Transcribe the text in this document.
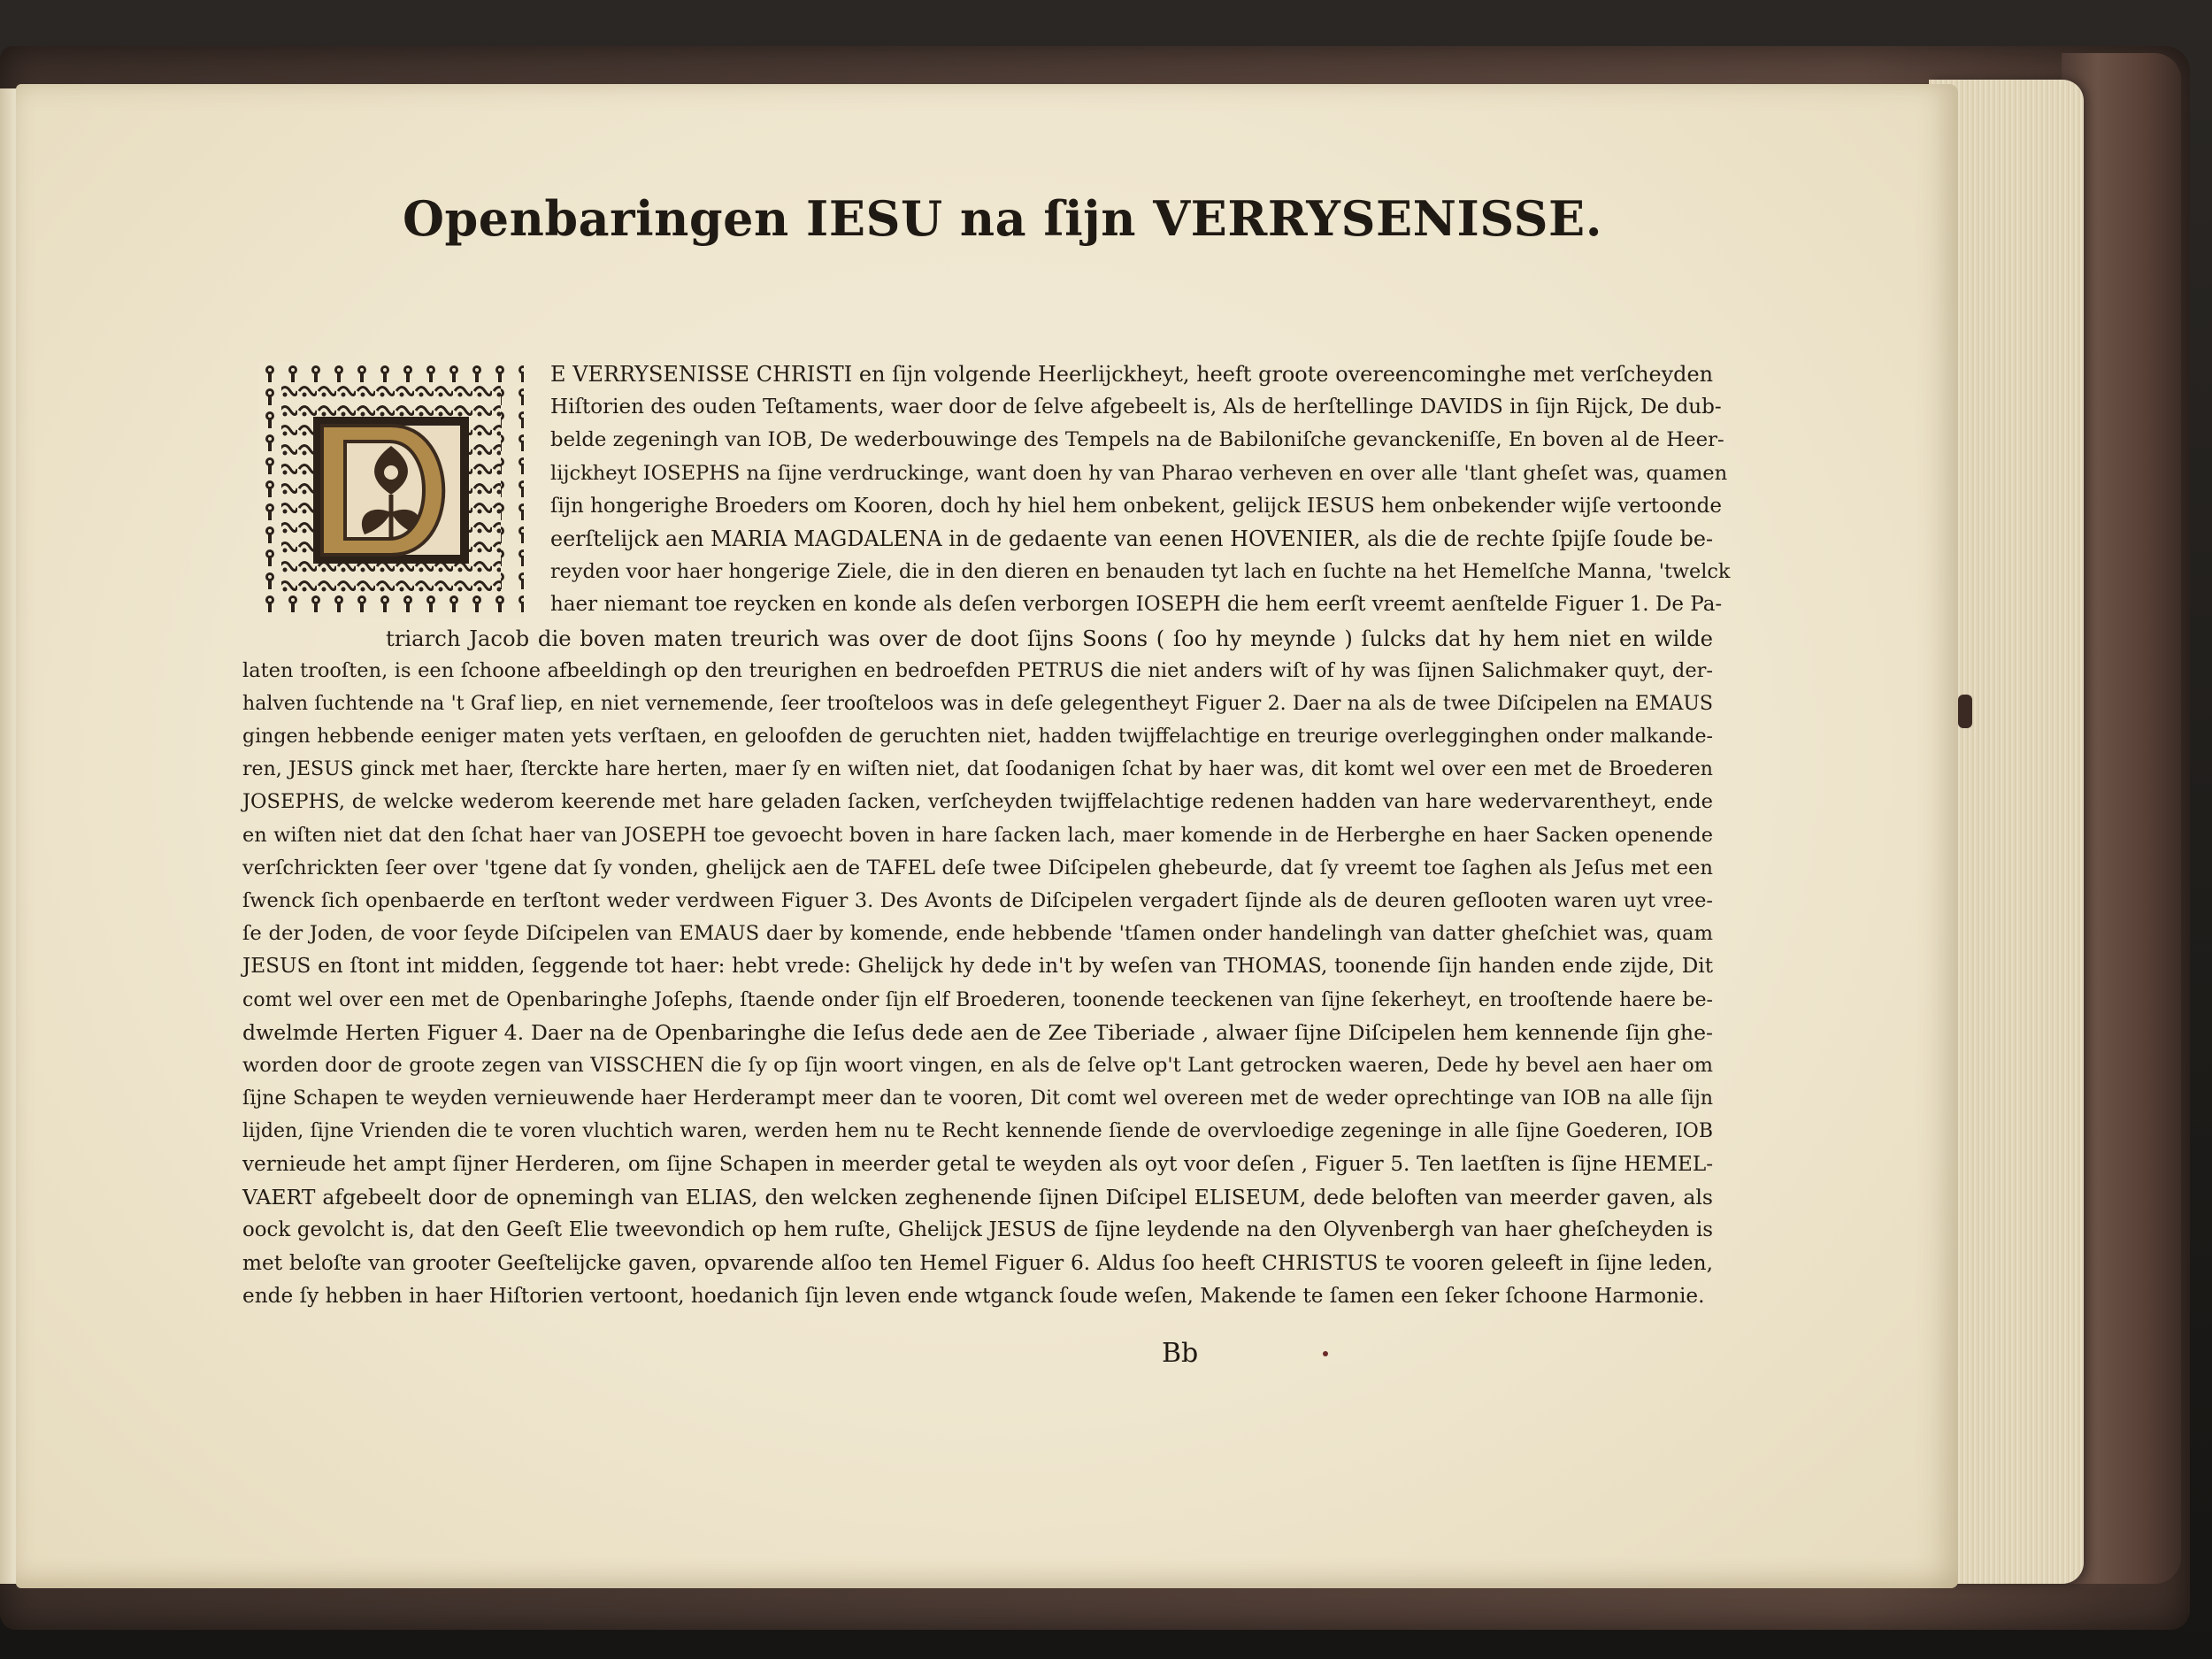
Openbaringen IESU na ſijn VERRYSENISSE.

E VERRYSENISSE CHRISTI en ſijn volgende Heerlijckheyt, heeft groote overeencominghe met verſcheyden
Hiſtorien des ouden Teſtaments, waer door de ſelve afgebeelt is, Als de herſtellinge DAVIDS in ſijn Rijck, De dub-
belde zegeningh van IOB, De wederbouwinge des Tempels na de Babiloniſche gevanckeniſſe, En boven al de Heer-
lijckheyt IOSEPHS na ſijne verdruckinge, want doen hy van Pharao verheven en over alle 'tlant gheſet was, quamen
ſijn hongerighe Broeders om Kooren, doch hy hiel hem onbekent, gelijck IESUS hem onbekender wijſe vertoonde
eerſtelijck aen MARIA MAGDALENA in de gedaente van eenen HOVENIER, als die de rechte ſpijſe ſoude be-
reyden voor haer hongerige Ziele, die in den dieren en benauden tyt lach en ſuchte na het Hemelſche Manna, 'twelck
haer niemant toe reycken en konde als deſen verborgen IOSEPH die hem eerſt vreemt aenſtelde Figuer 1. De Pa-
triarch Jacob die boven maten treurich was over de doot ſijns Soons ( ſoo hy meynde ) ſulcks dat hy hem niet en wilde
laten trooſten, is een ſchoone afbeeldingh op den treurighen en bedroefden PETRUS die niet anders wiſt of hy was ſijnen Salichmaker quyt, der-
halven ſuchtende na 't Graf liep, en niet vernemende, ſeer trooſteloos was in deſe gelegentheyt Figuer 2. Daer na als de twee Diſcipelen na EMAUS
gingen hebbende eeniger maten yets verſtaen, en geloofden de geruchten niet, hadden twijffelachtige en treurige overlegginghen onder malkande-
ren, JESUS ginck met haer, ſterckte hare herten, maer ſy en wiſten niet, dat ſoodanigen ſchat by haer was, dit komt wel over een met de Broederen
JOSEPHS, de welcke wederom keerende met hare geladen ſacken, verſcheyden twijffelachtige redenen hadden van hare wedervarentheyt, ende
en wiſten niet dat den ſchat haer van JOSEPH toe gevoecht boven in hare ſacken lach, maer komende in de Herberghe en haer Sacken openende
verſchrickten ſeer over 'tgene dat ſy vonden, ghelijck aen de TAFEL deſe twee Diſcipelen ghebeurde, dat ſy vreemt toe ſaghen als Jeſus met een
ſwenck ſich openbaerde en terſtont weder verdween Figuer 3. Des Avonts de Diſcipelen vergadert ſijnde als de deuren geſlooten waren uyt vree-
ſe der Joden, de voor ſeyde Diſcipelen van EMAUS daer by komende, ende hebbende 'tſamen onder handelingh van datter gheſchiet was, quam
JESUS en ſtont int midden, ſeggende tot haer: hebt vrede: Ghelijck hy dede in't by weſen van THOMAS, toonende ſijn handen ende zijde, Dit
comt wel over een met de Openbaringhe Joſephs, ſtaende onder ſijn elf Broederen, toonende teeckenen van ſijne ſekerheyt, en trooſtende haere be-
dwelmde Herten Figuer 4. Daer na de Openbaringhe die Ieſus dede aen de Zee Tiberiade , alwaer ſijne Diſcipelen hem kennende ſijn ghe-
worden door de groote zegen van VISSCHEN die ſy op ſijn woort vingen, en als de ſelve op't Lant getrocken waeren, Dede hy bevel aen haer om
ſijne Schapen te weyden vernieuwende haer Herderampt meer dan te vooren, Dit comt wel overeen met de weder oprechtinge van IOB na alle ſijn
lijden, ſijne Vrienden die te voren vluchtich waren, werden hem nu te Recht kennende ſiende de overvloedige zegeninge in alle ſijne Goederen, IOB
vernieude het ampt ſijner Herderen, om ſijne Schapen in meerder getal te weyden als oyt voor deſen , Figuer 5. Ten laetſten is ſijne HEMEL-
VAERT afgebeelt door de opnemingh van ELIAS, den welcken zeghenende ſijnen Diſcipel ELISEUM, dede beloften van meerder gaven, als
oock gevolcht is, dat den Geeſt Elie tweevondich op hem ruſte, Ghelijck JESUS de ſijne leydende na den Olyvenbergh van haer gheſcheyden is
met beloſte van grooter Geeſtelijcke gaven, opvarende alſoo ten Hemel Figuer 6. Aldus ſoo heeft CHRISTUS te vooren geleeft in ſijne leden,
ende ſy hebben in haer Hiſtorien vertoont, hoedanich ſijn leven ende wtganck ſoude weſen, Makende te ſamen een ſeker ſchoone Harmonie.

Bb
